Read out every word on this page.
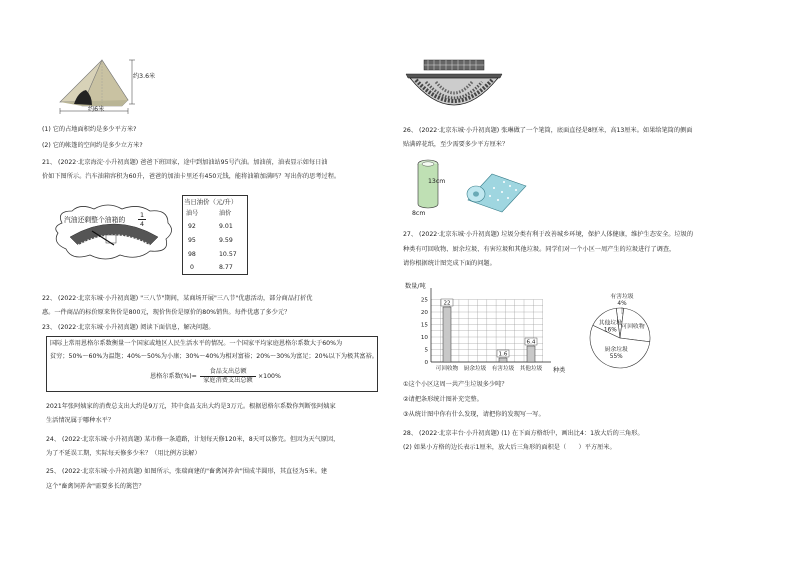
约3.6米
约6米
(1) 它的占地面积约是多少平方米?
(2) 它的帐篷的空间约是多少立方米?
21、 (2022·北京海淀·小升初真题) 爸爸下班回家，途中到加油站95号汽油。加油前，油表显示如每日油
价如下图所示。汽车油箱容积为60升，爸爸的加油卡里还有450元钱，能将油箱加满吗？写出你的思考过程。
汽油还剩整个油箱的
1
4
当日油价（元/升）
油号	油价
92	9.01
95	9.59
98	10.57
0	8.77
22、 (2022·北京东城·小升初真题) "三八节"期间，某商场开展"三八节"优惠活动，部分商品打折优
惠。一件商品的标价原来售价是800元，现价售价是原价的80%销售。每件优惠了多少元？
23、 (2022·北京东城·小升初真题) 阅读下面信息，解决问题。
国际上常用恩格尔系数衡量一个国家或地区人民生活水平的情况。一个国家平均家庭恩格尔系数大于60%为
贫穷；50%～60%为温饱；40%～50%为小康；30%～40%为相对富裕；20%～30%为富足；20%以下为极其富裕。
恩格尔系数(%)=
食品支出总额
家庭消费支出总额
×100%
2021年张阿姨家的消费总支出大约是9万元，其中食品支出大约是3万元。根据恩格尔系数你判断张阿姨家
生活情况属于哪种水平？
24、 (2022·北京东城·小升初真题) 某市修一条道路，计划每天修120米，8天可以修完。但因为天气原因，
为了不延误工期，实际每天修多少米？（用比例方法解）
25、 (2022·北京东城·小升初真题) 如图所示，张瑞商建的"畜禽饲养舍"围成半圆形，其直径为5米。建
这个"畜禽饲养舍"需要多长的篱笆？
26、 (2022·北京东城·小升初真题) 张琳做了一个笔筒，底面直径是8厘米，高13厘米。如果给笔筒的侧面
贴满碎花纸，至少需要多少平方厘米？
13cm
8cm
27、 (2022·北京东城·小升初真题) 垃圾分类有利于改善城乡环境，保护人体健康，维护生态安全。垃圾的
种类有可回收物、厨余垃圾、有害垃圾和其他垃圾。同学们对一个小区一周产生的垃圾进行了调查，
请你根据统计图完成下面的问题。
数量/吨
种类
0
5
10
15
20
25	22
1.6
6.4
可回收物 厨余垃圾 有害垃圾 其他垃圾
有害垃圾
4%
可回收物
厨余垃圾
55%
其他垃圾
16%
①这个小区这周一共产生垃圾多少吨？
②请把条形统计图补充完整。
③从统计图中你有什么发现，请把你的发现写一写。
28、 (2022·北京丰台·小升初真题) (1) 在下面方格纸中，画出比4：1放大后的三角形。
(2) 如果小方格的边长表示1厘米，放大后三角形的面积是（　　）平方厘米。
